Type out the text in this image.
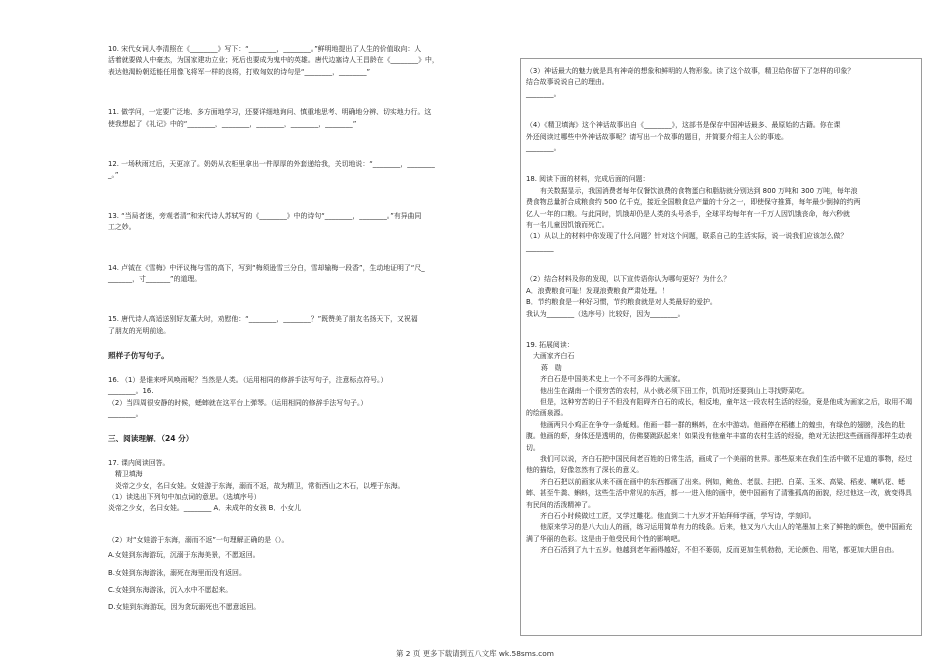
10. 宋代女词人李清照在《________》写下：“________，________。”鲜明地提出了人生的价值取向：人

活着就要做人中豪杰，为国家建功立业；死后也要成为鬼中的英雄。唐代边塞诗人王昌龄在《________》中，

表达他渴盼朝廷能任用像飞将军一样的良将，打败匈奴的诗句是“________，________”

11. 做学问，一定要广泛地、多方面地学习，还要详细地询问、慎重地思考、明确地分辨、切实地力行。这

使我想起了《礼记》中的“________，________，________，________，________”

12. 一场秋雨过后，天更凉了。奶奶从衣柜里拿出一件厚厚的外套递给我，关切地说：“________，________

_。”

13. “当局者迷，旁观者清”和宋代诗人苏轼写的《________》中的诗句“________，________。”有异曲同

工之妙。

14. 卢钺在《雪梅》中评议梅与雪的高下，写到“梅须逊雪三分白，雪却输梅一段香”，生动地证明了“尺_

_______，寸_______”的道理。

15. 唐代诗人高适送别好友董大时，劝慰他：“________，________？”既赞美了朋友名扬天下，又祝福

了朋友的光明前途。

照样子仿写句子。

16. （1）是谁来呼风唤雨呢？当然是人类。（运用相同的修辞手法写句子，注意标点符号。）

________。16.

（2）当四周很安静的时候，蟋蟀就在这平台上弹琴。（运用相同的修辞手法写句子。）

________。

三、阅读理解．（24 分）

17. 课内阅读回答。

精卫填海

炎帝之少女，名曰女娃。女娃游于东海，溺而不返，故为精卫，常衔西山之木石，以堙于东海。

（1）读选出下列句中加点词的意思。（选填序号）

炎帝之少女，名曰女娃。________ A．未成年的女孩 B．小女儿

（2）对“女娃游于东海，溺而不返”一句理解正确的是（）。

A.女娃到东海游玩，沉溺于东海美景，不愿返回。

B.女娃到东海游泳，溺死在海里而没有返回。

C.女娃到东海游泳，沉入水中不愿起来。

D.女娃到东海游玩，因为贪玩溺死也不愿意返回。

（3）神话最大的魅力就是具有神奇的想象和鲜明的人物形象。读了这个故事，精卫给你留下了怎样的印象？

结合故事说说自己的理由。

________。

（4）《精卫填海》这个神话故事出自《________》，这部书是保存中国神话最多、最原始的古籍。你在课

外还阅读过哪些中外神话故事呢？请写出一个故事的题目，并简要介绍主人公的事迹。

________。

18. 阅读下面的材料，完成后面的问题：

有关数据显示，我国消费者每年仅餐饮浪费的食物蛋白和脂肪就分别达到 800 万吨和 300 万吨，每年浪

费食物总量折合成粮食约 500 亿千克，接近全国粮食总产量的十分之一，即使保守推算，每年最少倒掉的约两

亿人一年的口粮。与此同时，饥饿却仍是人类的头号杀手，全球平均每年有一千万人因饥饿丧命，每六秒就

有一名儿童因饥饿而死亡。

（1）从以上的材料中你发现了什么问题？针对这个问题，联系自己的生活实际，说一说我们应该怎么做？

________

（2）结合材料及你的发现，以下宣传语你认为哪句更好？为什么？

A．浪费粮食可耻！发现浪费粮食严肃处理。！

B．节约粮食是一种好习惯，节约粮食就是对人类最好的爱护。

我认为________（选序号）比较好，因为________。

19. 拓展阅读：

大画家齐白石

蒋　勋

齐白石是中国美术史上一个不可多得的大画家。

他出生在湖南一个很穷苦的农村，从小就必须下田工作，饥荒时还要到山上寻找野菜吃。

但是，这种穷苦的日子不但没有阻碍齐白石的成长，相反地，童年这一段农村生活的经验，竟是他成为画家之后，取用不竭的绘画泉源。

他画两只小鸡正在争夺一条蚯蚓。他画一群一群的蝌蚪，在水中游动。他画停在稻穗上的蝗虫，有绿色的翅膀，浅色的肚腹。他画的虾，身体还是透明的，仿佛要跳跃起来！如果没有他童年丰富的农村生活的经验，绝对无法把这些画画得那样生动表切。

我们可以说，齐白石把中国民间老百姓的日常生活，画成了一个美丽的世界。那些原来在我们生活中微不足道的事物，经过他的描绘，好像忽然有了深长的意义。

齐白石把以前画家从来不画在画中的东西都画了出来。例如，鲍鱼、老鼠、扫把、白菜、玉米、高粱、稻麦、喇叭花、蟋蟀、甚至牛粪、蝌蚪，这些生活中常见的东西，都一一进入他的画中，使中国画有了清雅孤高的面貌，经过他这一改，就变得具有民间的活泼精神了。

齐白石小时候做过工匠，又学过雕花。他直到二十九岁才开始拜师学画，学写诗，学刻印。

他原来学习的是八大山人的画，练习运用简单有力的线条。后来，他又为八大山人的笔墨加上来了鲜艳的颜色，使中国画充满了华丽的色彩。这是由于他受民间个性的影响吧。

齐白石活到了九十五岁。他越到老年画得越好，不但不萎弱，反而更加生机勃勃，无论颜色、用笔，都更加大胆自由。

第 2 页 更多下载请到五八文库 wk.58sms.com
